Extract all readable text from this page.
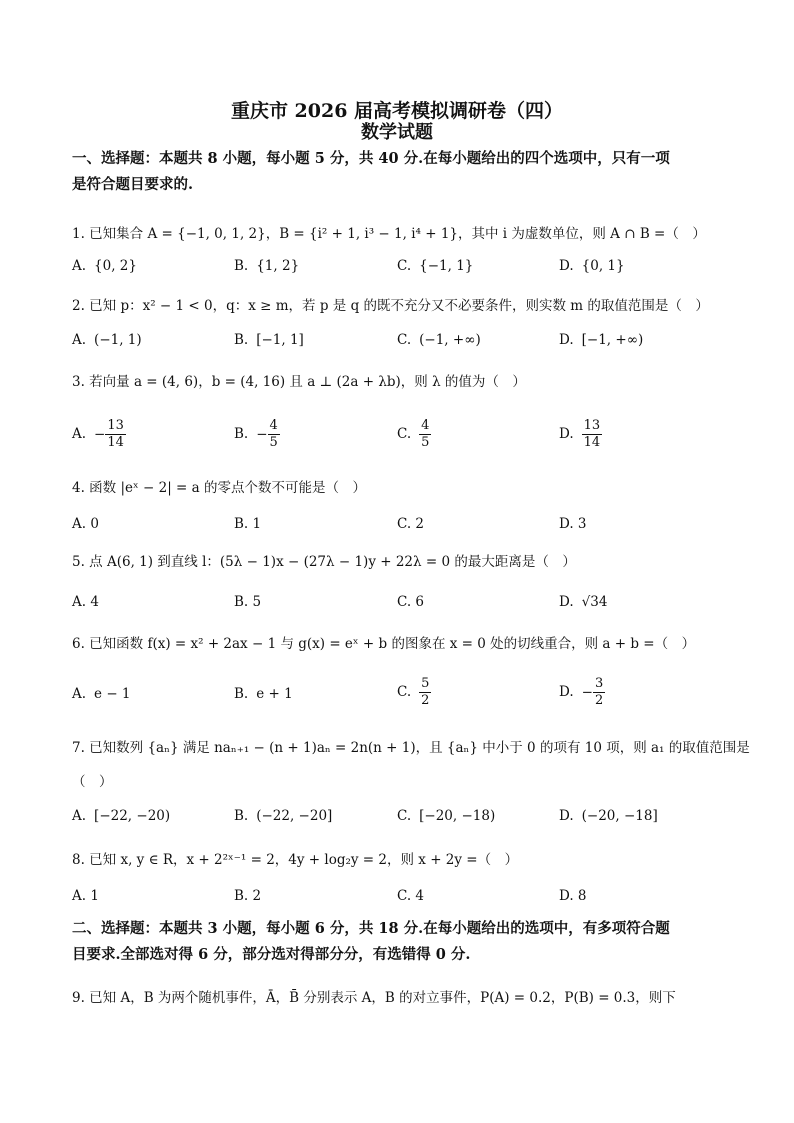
重庆市 2026 届高考模拟调研卷（四）
数学试题
一、选择题：本题共 8 小题，每小题 5 分，共 40 分.在每小题给出的四个选项中，只有一项
是符合题目要求的.
1. 已知集合 A = {−1, 0, 1, 2}，B = {i² + 1, i³ − 1, i⁴ + 1}，其中 i 为虚数单位，则 A ∩ B =（　）
A. {0, 2}	B. {1, 2}	C. {−1, 1}	D. {0, 1}
2. 已知 p：x² − 1 < 0，q：x ≥ m，若 p 是 q 的既不充分又不必要条件，则实数 m 的取值范围是（　）
A. (−1, 1)	B. [−1, 1]	C. (−1, +∞)	D. [−1, +∞)
3. 若向量 a = (4, 6)，b = (4, 16) 且 a ⊥ (2a + λb)，则 λ 的值为（　）
A. − $\frac{13}{14}$	B. − $\frac{4}{5}$	C. $\frac{4}{5}$	D. $\frac{13}{14}$
4. 函数 |eˣ − 2| = a 的零点个数不可能是（　）
A. 0	B. 1	C. 2	D. 3
5. 点 A(6, 1) 到直线 l：(5λ − 1)x − (27λ − 1)y + 22λ = 0 的最大距离是（　）
A. 4	B. 5	C. 6	D. √34
6. 已知函数 f(x) = x² + 2ax − 1 与 g(x) = eˣ + b 的图象在 x = 0 处的切线重合，则 a + b =（　）
A. e − 1	B. e + 1	C. $\frac{5}{2}$	D. − $\frac{3}{2}$
7. 已知数列 {aₙ} 满足 naₙ₊₁ − (n + 1)aₙ = 2n(n + 1)，且 {aₙ} 中小于 0 的项有 10 项，则 a₁ 的取值范围是
（　）
A. [−22, −20)	B. (−22, −20]	C. [−20, −18)	D. (−20, −18]
8. 已知 x, y ∈ R，x + 2²ˣ⁻¹ = 2，4y + log₂y = 2，则 x + 2y =（　）
A. 1	B. 2	C. 4	D. 8
二、选择题：本题共 3 小题，每小题 6 分，共 18 分.在每小题给出的选项中，有多项符合题
目要求.全部选对得 6 分，部分选对得部分分，有选错得 0 分.
9. 已知 A，B 为两个随机事件，Ā，B̄ 分别表示 A，B 的对立事件，P(A) = 0.2，P(B) = 0.3，则下
